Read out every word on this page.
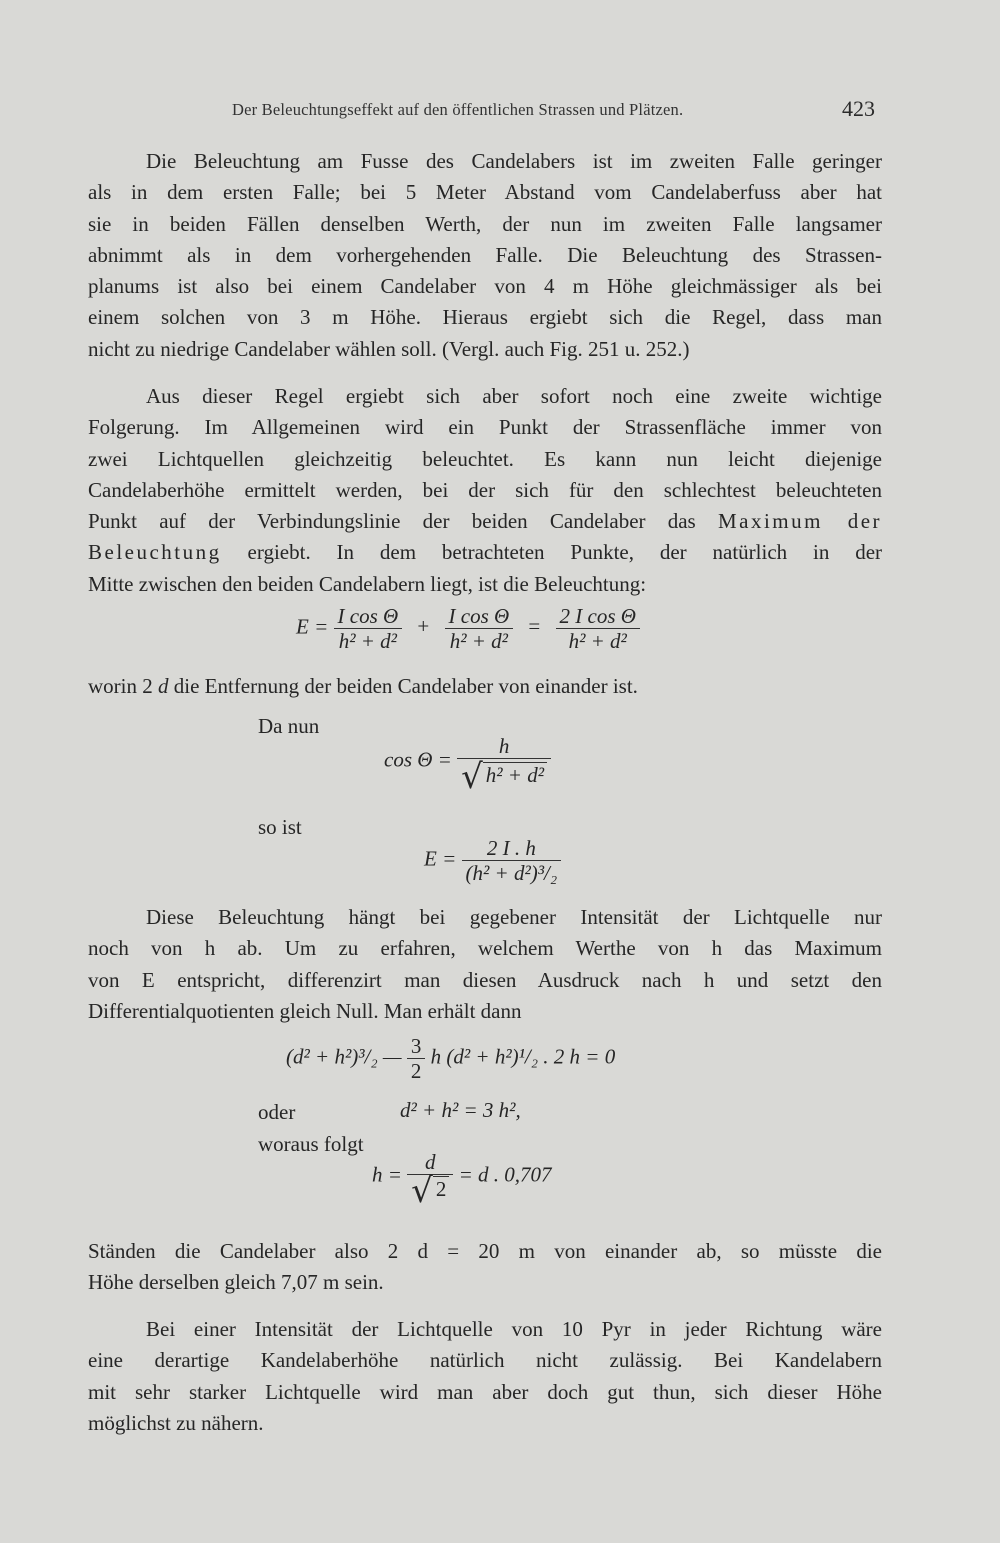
Der Beleuchtungseffekt auf den öffentlichen Strassen und Plätzen.	423
Die Beleuchtung am Fusse des Candelabers ist im zweiten Falle geringer
als in dem ersten Falle; bei 5 Meter Abstand vom Candelaberfuss aber hat
sie in beiden Fällen denselben Werth, der nun im zweiten Falle langsamer
abnimmt als in dem vorhergehenden Falle. Die Beleuchtung des Strassen-
planums ist also bei einem Candelaber von 4 m Höhe gleichmässiger als bei
einem solchen von 3 m Höhe. Hieraus ergiebt sich die Regel, dass man
nicht zu niedrige Candelaber wählen soll. (Vergl. auch Fig. 251 u. 252.)
Aus dieser Regel ergiebt sich aber sofort noch eine zweite wichtige
Folgerung. Im Allgemeinen wird ein Punkt der Strassenfläche immer von
zwei Lichtquellen gleichzeitig beleuchtet. Es kann nun leicht diejenige
Candelaberhöhe ermittelt werden, bei der sich für den schlechtest beleuchteten
Punkt auf der Verbindungslinie der beiden Candelaber das Maximum der
Beleuchtung ergiebt. In dem betrachteten Punkte, der natürlich in der
Mitte zwischen den beiden Candelabern liegt, ist die Beleuchtung:
$E = \frac{\text{I cos Θ}}{\text{h² + d²}} + \frac{\text{I cos Θ}}{\text{h² + d²}} = \frac{\text{2 I cos Θ}}{\text{h² + d²}}$
worin 2 d die Entfernung der beiden Candelaber von einander ist.
Da nun
$\cos \Theta = \frac{h}{\text{√ h² + d²}}$
so ist
$E = \frac{2 I . h}{\text{(h² + d²)³/₂}}$
Diese Beleuchtung hängt bei gegebener Intensität der Lichtquelle nur
noch von h ab. Um zu erfahren, welchem Werthe von h das Maximum
von E entspricht, differenzirt man diesen Ausdruck nach h und setzt den
Differentialquotienten gleich Null. Man erhält dann
(d² + h²)³/₂ — $\frac{3}{2}$ h (d² + h²)¹/₂ . 2 h = 0
oder	d² + h² = 3 h²,
woraus folgt
$h = \frac{d}{√ 2} = d$ . 0,707
Ständen die Candelaber also 2 d = 20 m von einander ab, so müsste die
Höhe derselben gleich 7,07 m sein.
Bei einer Intensität der Lichtquelle von 10 Pyr in jeder Richtung wäre
eine derartige Kandelaberhöhe natürlich nicht zulässig. Bei Kandelabern
mit sehr starker Lichtquelle wird man aber doch gut thun, sich dieser Höhe
möglichst zu nähern.
